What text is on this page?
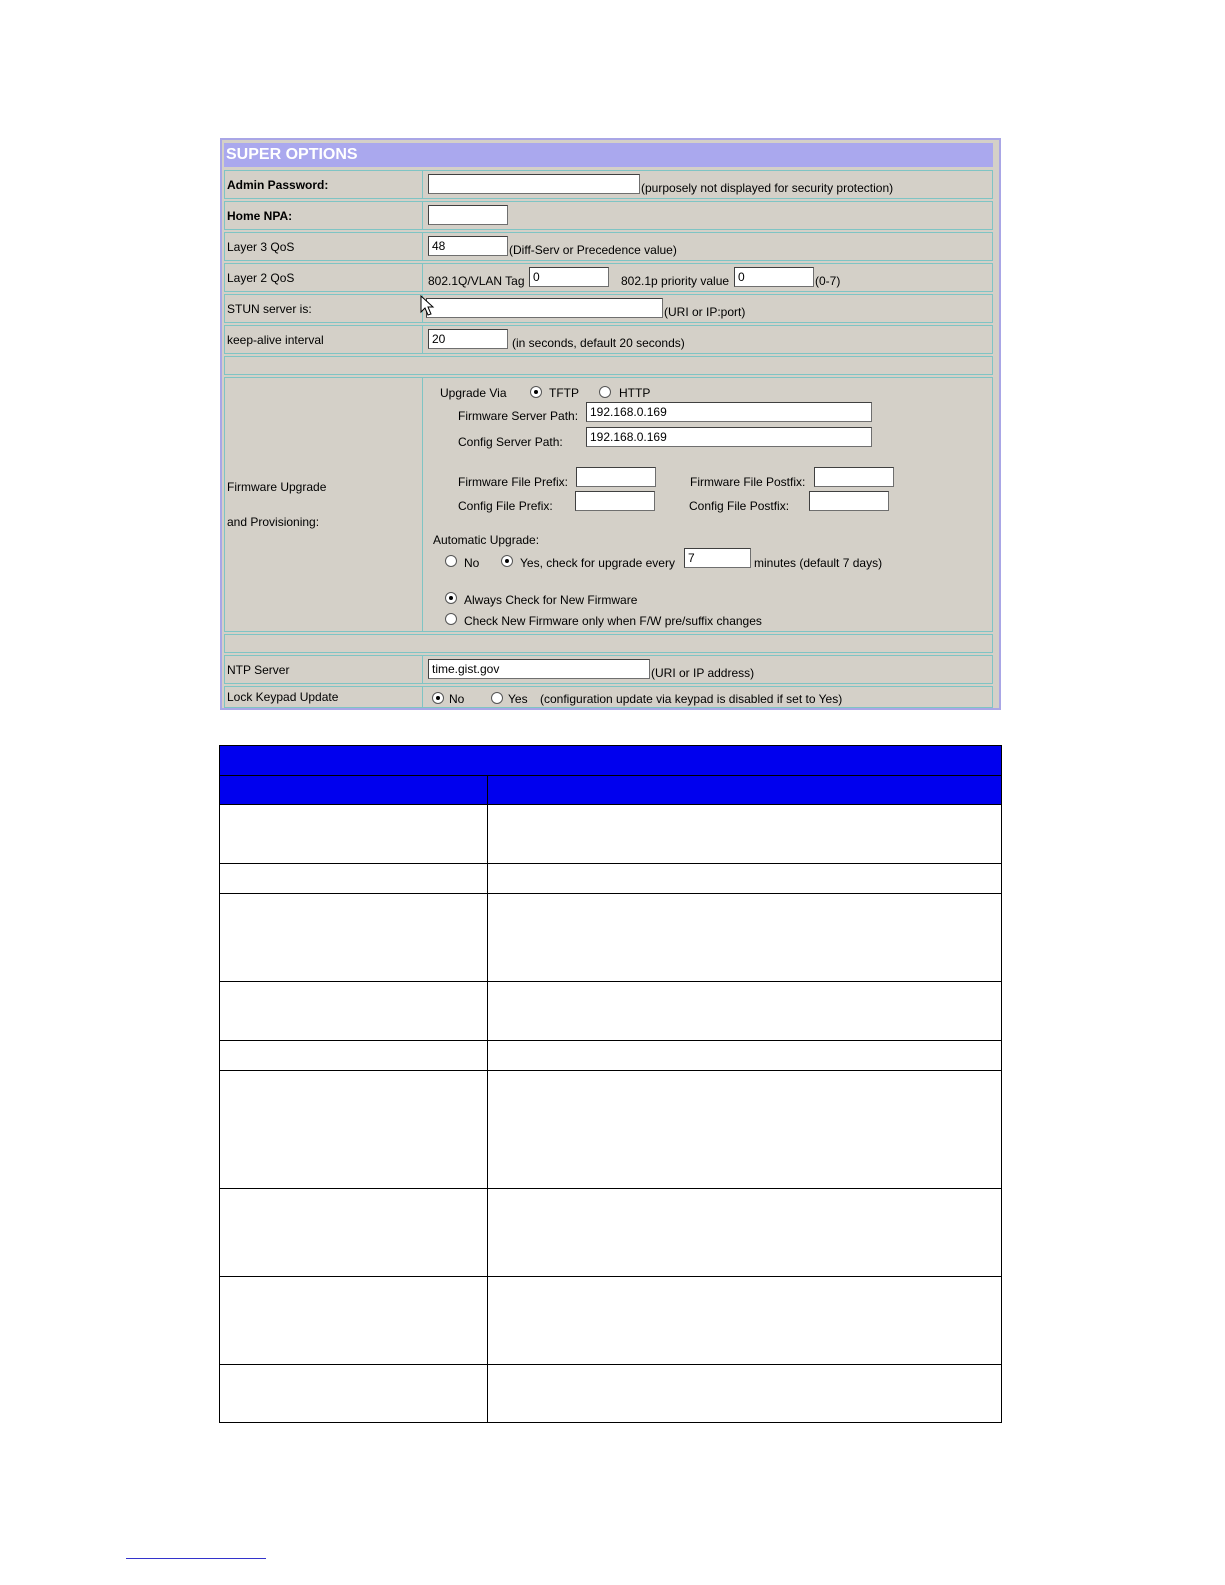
SUPER OPTIONS
Admin Password:	(purposely not displayed for security protection)
Home NPA:
Layer 3 QoS	48	(Diff-Serv or Precedence value)
Layer 2 QoS	802.1Q/VLAN Tag 0	802.1p priority value 0	(0-7)
STUN server is:	(URI or IP:port)
keep-alive interval	20	(in seconds, default 20 seconds)
Firmware Upgrade
and Provisioning:
Upgrade Via	TFTP	HTTP
Firmware Server Path: 192.168.0.169
Config Server Path:	192.168.0.169
Firmware File Prefix:	Firmware File Postfix:
Config File Prefix:	Config File Postfix:
Automatic Upgrade:
No	Yes, check for upgrade every	7	minutes (default 7 days)
Always Check for New Firmware
Check New Firmware only when F/W pre/suffix changes
NTP Server	time.gist.gov	(URI or IP address)
Lock Keypad Update	No	Yes (configuration update via keypad is disabled if set to Yes)
